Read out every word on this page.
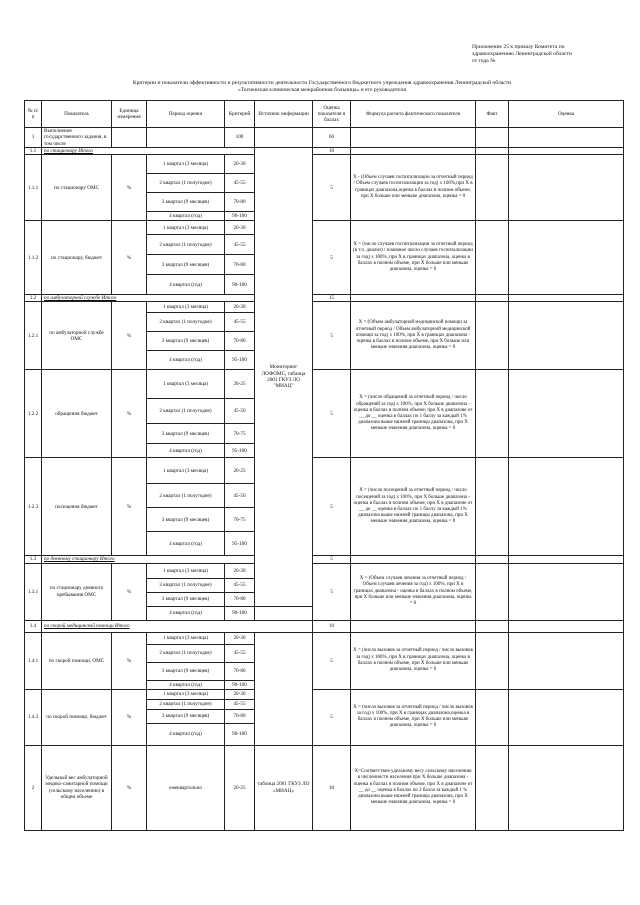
Приложение 25 к приказу Комитета по
здравоохранению Ленинградской области
от года №
Критерии и показатели эффективности и результативности деятельности Государственного бюджетного учреждения здравоохранения Ленинградской области
«Тосненская клиническая межрайонная больница» и его руководителя
№ п/п	Показатель	Единица измерения	Период оценки	Критерий	Источник информации	Оценка показателя в баллах	Формула расчета фактического показателя	Факт	Оценка
1	Выполнение государственного задания, в том числе			100		60			
1.1	по стационару Итого				Мониторинг ЛОФОМС, таблица 2001 ГКУЗ ЛО "МИАЦ"	10			
1.1.1	по стационару ОМС	%	1 квартал (3 месяца)	20-30		5	Х - (Объем случаев госпитализации за отчетный период / Объем случаев госпитализации за год) х 100%,при Х в границах диапазона,оценка в баллах в полном объеме, при Х больше или меньше диапазона, оценка = 0		
			2 квартал (1 полугодие)	45-55					
			3 квартал (9 месяцев)	70-80					
			4 квартал (год)	90-100					
1.1.2	по стационару, бюджет	%	1 квартал (3 месяца)	20-30		5	Х = (число случаев госпитализации за отчетный период (в т.ч. диализ) / плановое число случаев госпитализации за год) х 100%, при Х в границах диапазона, оценка в баллах в полном объеме, при Х больше или меньше диапазона, оценка = 0		
			2 квартал (1 полугодие)	45-55					
			3 квартал (9 месяцев)	70-80					
			4 квартал (год)	90-100					
1.2	по амбулаторной службе Итого					15			
1.2.1	по амбулаторной службе ОМС	%	1 квартал (3 месяца)	20-30		5	Х = (Объем амбулаторной медицинской помощи за отчетный период / Объем амбулаторной медицинской помощи за год) х 100%, при Х в границах диапазона - оценка в баллах в полном объеме, при Х больше или меньше значения диапазона, оценка = 0		
			2 квартал (1 полугодие)	45-55					
			3 квартал (9 месяцев)	70-80					
			4 квартал (год)	95-100					
1.2.2	обращения бюджет	%	1 квартал (3 месяца)	20-25		5	Х = (число обращений за отчетный период / число обращений за год) х 100%, при Х больше диапазона - оценка в баллах в полном объеме; при Х в диапазоне от __ до __ оценка в баллах по 1 баллу за каждый 1% диапазона выше нижней границы диапазона, при Х меньше значения диапазона, оценка = 0		
			2 квартал (1 полугодие)	45-50					
			3 квартал (9 месяцев)	70-75					
			4 квартал (год)	95-100					
1.2.3	посещения бюджет	%	1 квартал (3 месяца)	20-25		5	Х = (число посещений за отчетный период / число посещений за год) х 100%, при Х больше диапазона - оценка в баллах в полном объеме, при Х в диапазоне от __ до __ оценка в баллах по 1 баллу за каждый 1% диапазона выше нижней границы диапазона, при Х меньше значения диапазона, оценка = 0		
			2 квартал (1 полугодие)	45-50					
			3 квартал (9 месяцев)	70-75					
			4 квартал (год)	95-100					
1.3	по дневному стационару Итого					5			
1.3.1	по стационару дневного пребывания ОМС	%	1 квартал (3 месяца)	20-30		5	Х = (Объем случаев лечения за отчетный период / Объем случаев лечения за год) х 100%, при Х в границах диапазона - оценка в баллах в полном объеме, при Х больше или меньше значения диапазона, оценка = 0		
			2 квартал (1 полугодие)	45-55					
			3 квартал (9 месяцев)	70-80					
			4 квартал (год)	90-100					
1.4	по скорой медицинской помощи Итого					10			
1.4.1	по скорой помощи, ОМС	%	1 квартал (3 месяца)	20-30		5	Х = (число вызовов за отчетный период / число вызовов за год) х 100%, при Х в границах диапазона, оценка в баллах в полном объеме, при Х больше или меньше диапазона, оценка = 0		
			2 квартал (1 полугодие)	45-55					
			3 квартал (9 месяцев)	70-80					
			4 квартал (год)	90-100					
1.4.3	по скорой помощи, бюджет	%	1 квартал (3 месяца)	20-30		5	Х = (число вызовов за отчетный период / число вызовов за год) х 100%, при Х в границах диапазона,оценка в баллах в полном объеме, при Х больше или меньше диапазона, оценка = 0		
			2 квартал (1 полугодие)	45-55					
			3 квартал (9 месяцев)	70-80					
			4 квартал (год)	90-100					
2	Удельный вес амбулаторной медико-санитарной помощи (сельскому населению) в общем объеме	%	ежеквартально	20-25	таблица 2001 ГКУЗ ЛО «МИАЦ»	10	Х=Соответствие удельному весу сельскому населению в численности населения при Х больше диапазона - оценка в баллах в полном объеме, при Х в диапазоне от __ до __ оценка в баллах по 2 балла за каждый 1 % диапазона выше нижней границы диапазона, при Х меньше значения диапазона, оценка = 0		
